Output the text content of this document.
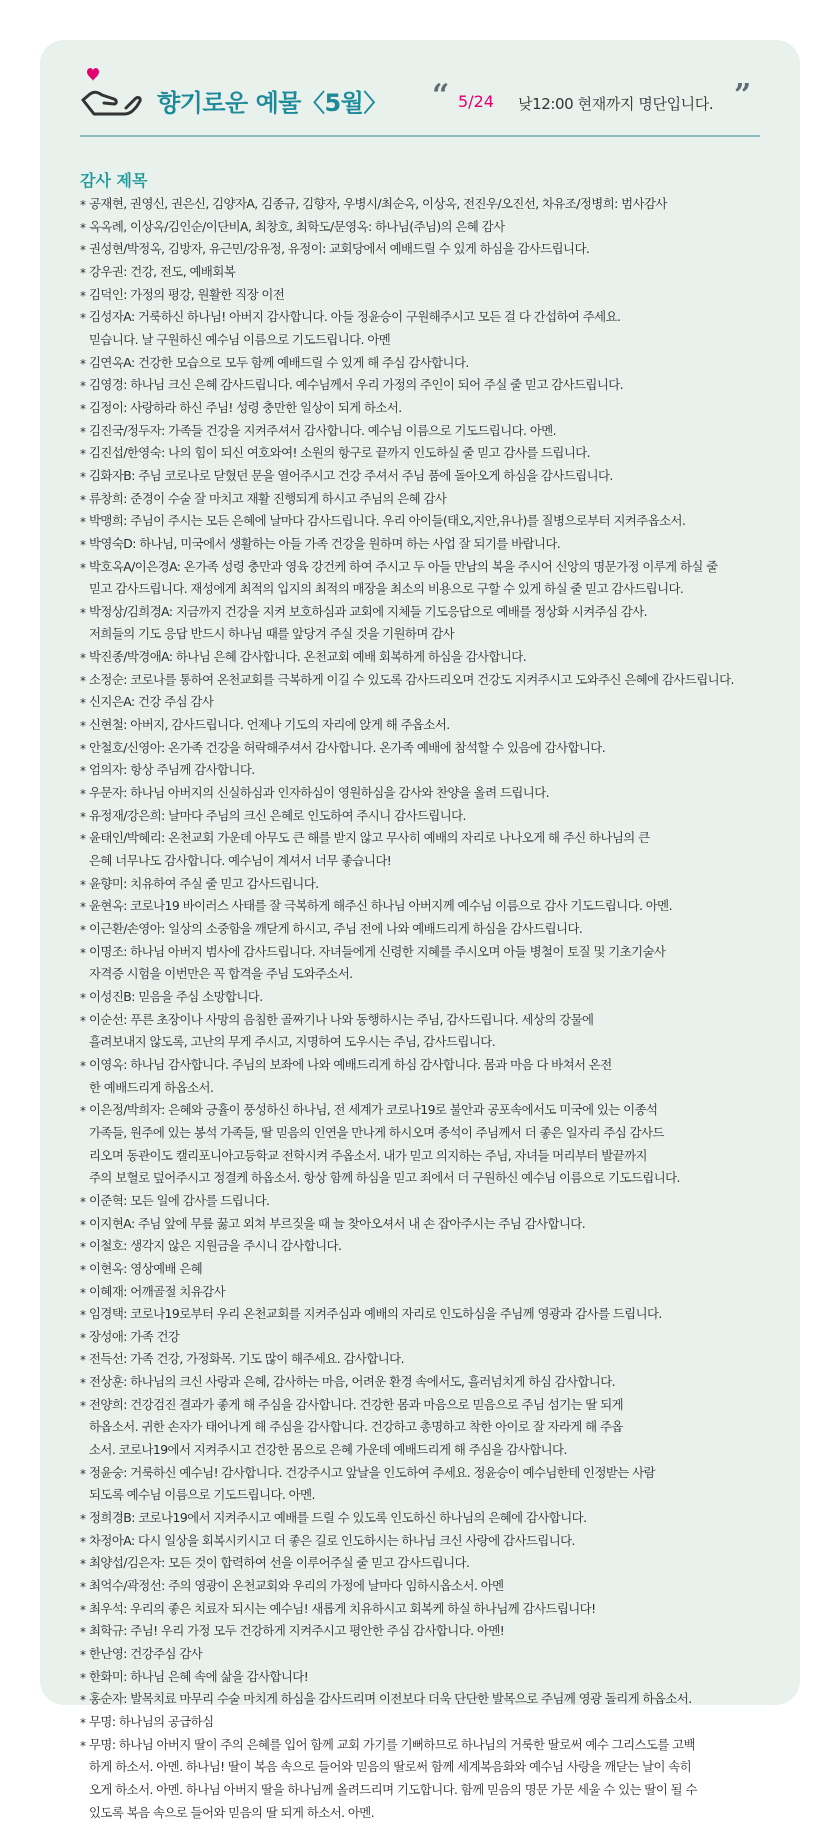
향기로운 예물〈5월〉 “ 5/24 낮12:00 현재까지 명단입니다. ”
감사 제목
* 공재현, 권영신, 권은신, 김양자A, 김종규, 김향자, 우병시/최순옥, 이상옥, 전진우/오진선, 차유조/정병희: 범사감사
* 옥옥례, 이상옥/김인순/이단비A, 최창호, 최학도/문영옥: 하나님(주님)의 은혜 감사
* 권성현/박정옥, 김방자, 유근민/강유정, 유정이: 교회당에서 예배드릴 수 있게 하심을 감사드립니다.
* 강우권: 건강, 전도, 예배회복
* 김덕인: 가정의 평강, 원활한 직장 이전
* 김성자A: 거룩하신 하나님! 아버지 감사합니다. 아들 정윤승이 구원해주시고 모든 걸 다 간섭하여 주세요.
믿습니다. 날 구원하신 예수님 이름으로 기도드립니다. 아멘
* 김연옥A: 건강한 모습으로 모두 함께 예배드릴 수 있게 해 주심 감사합니다.
* 김영경: 하나님 크신 은혜 감사드립니다. 예수님께서 우리 가정의 주인이 되어 주실 줄 믿고 감사드립니다.
* 김정이: 사랑하라 하신 주님! 성령 충만한 일상이 되게 하소서.
* 김진국/정두자: 가족들 건강을 지켜주셔서 감사합니다. 예수님 이름으로 기도드립니다. 아멘.
* 김진섭/한영숙: 나의 힘이 되신 여호와여! 소원의 항구로 끝까지 인도하실 줄 믿고 감사를 드립니다.
* 김화자B: 주님 코로나로 닫혔던 문을 열어주시고 건강 주셔서 주님 품에 돌아오게 하심을 감사드립니다.
* 류창희: 준경이 수술 잘 마치고 재활 진행되게 하시고 주님의 은혜 감사
* 박맹희: 주님이 주시는 모든 은혜에 날마다 감사드립니다. 우리 아이들(태오,지안,유나)를 질병으로부터 지켜주옵소서.
* 박영숙D: 하나님, 미국에서 생활하는 아들 가족 건강을 원하며 하는 사업 잘 되기를 바랍니다.
* 박호옥A/이은경A: 온가족 성령 충만과 영육 강건케 하여 주시고 두 아들 만남의 복을 주시어 신앙의 명문가정 이루게 하실 줄
믿고 감사드립니다. 재성에게 최적의 입지의 최적의 매장을 최소의 비용으로 구할 수 있게 하실 줄 믿고 감사드립니다.
* 박정상/김희경A: 지금까지 건강을 지켜 보호하심과 교회에 지체들 기도응답으로 예배를 정상화 시켜주심 감사.
저희들의 기도 응답 반드시 하나님 때를 앞당겨 주실 것을 기원하며 감사
* 박진종/박경애A: 하나님 은혜 감사합니다. 온천교회 예배 회복하게 하심을 감사합니다.
* 소정순: 코로나를 통하여 온천교회를 극복하게 이길 수 있도록 감사드리오며 건강도 지켜주시고 도와주신 은혜에 감사드립니다.
* 신지은A: 건강 주심 감사
* 신현철: 아버지, 감사드립니다. 언제나 기도의 자리에 앉게 해 주옵소서.
* 안철호/신영아: 온가족 건강을 허락해주셔서 감사합니다. 온가족 예배에 참석할 수 있음에 감사합니다.
* 엄의자: 항상 주님께 감사합니다.
* 우문자: 하나님 아버지의 신실하심과 인자하심이 영원하심을 감사와 찬양을 올려 드립니다.
* 유정재/강은희: 날마다 주님의 크신 은혜로 인도하여 주시니 감사드립니다.
* 윤태인/박혜리: 온천교회 가운데 아무도 큰 해를 받지 않고 무사히 예배의 자리로 나나오게 해 주신 하나님의 큰
은혜 너무나도 감사합니다. 예수님이 계셔서 너무 좋습니다!
* 윤향미: 치유하여 주실 줄 믿고 감사드립니다.
* 윤현옥: 코로나19 바이러스 사태를 잘 극복하게 해주신 하나님 아버지께 예수님 이름으로 감사 기도드립니다. 아멘.
* 이근환/손영아: 일상의 소중함을 깨닫게 하시고, 주님 전에 나와 예배드리게 하심을 감사드립니다.
* 이명조: 하나님 아버지 범사에 감사드립니다. 자녀들에게 신령한 지혜를 주시오며 아들 병철이 토질 및 기초기술사
자격증 시험을 이번만은 꼭 합격을 주님 도와주소서.
* 이성진B: 믿음을 주심 소망합니다.
* 이순선: 푸른 초장이나 사망의 음침한 골짜기나 나와 동행하시는 주님, 감사드립니다. 세상의 강물에
흘려보내지 않도록, 고난의 무게 주시고, 지명하여 도우시는 주님, 감사드립니다.
* 이영옥: 하나님 감사합니다. 주님의 보좌에 나와 예배드리게 하심 감사합니다. 몸과 마음 다 바쳐서 온전
한 예배드리게 하옵소서.
* 이은정/박희자: 은혜와 긍휼이 풍성하신 하나님, 전 세계가 코로나19로 불안과 공포속에서도 미국에 있는 이종석
가족들, 원주에 있는 봉석 가족들, 딸 믿음의 인연을 만나게 하시오며 종석이 주님께서 더 좋은 일자리 주심 감사드
리오며 동관이도 캘리포니아고등학교 전학시켜 주옵소서. 내가 믿고 의지하는 주님, 자녀들 머리부터 발끝까지
주의 보혈로 덮어주시고 정결케 하옵소서. 항상 함께 하심을 믿고 죄에서 더 구원하신 예수님 이름으로 기도드립니다.
* 이준혁: 모든 일에 감사를 드립니다.
* 이지현A: 주님 앞에 무릎 꿇고 외쳐 부르짖을 때 늘 찾아오셔서 내 손 잡아주시는 주님 감사합니다.
* 이철호: 생각지 않은 지원금을 주시니 감사합니다.
* 이현옥: 영상예배 은혜
* 이혜재: 어깨골절 치유감사
* 임경택: 코로나19로부터 우리 온천교회를 지켜주심과 예배의 자리로 인도하심을 주님께 영광과 감사를 드립니다.
* 장성애: 가족 건강
* 전득선: 가족 건강, 가정화목. 기도 많이 해주세요. 감사합니다.
* 전상훈: 하나님의 크신 사랑과 은혜, 감사하는 마음, 어려운 환경 속에서도, 흘러넘치게 하심 감사합니다.
* 전양희: 건강검진 결과가 좋게 해 주심을 감사합니다. 건강한 몸과 마음으로 믿음으로 주님 섬기는 딸 되게
하옵소서. 귀한 손자가 태어나게 해 주심을 감사합니다. 건강하고 총명하고 착한 아이로 잘 자라게 해 주옵
소서. 코로나19에서 지켜주시고 건강한 몸으로 은혜 가운데 예배드리게 해 주심을 감사합니다.
* 정윤숭: 거룩하신 예수님! 감사합니다. 건강주시고 앞날을 인도하여 주세요. 정윤승이 예수님한테 인정받는 사람
되도록 예수님 이름으로 기도드립니다. 아멘.
* 정희경B: 코로나19에서 지켜주시고 예배를 드릴 수 있도록 인도하신 하나님의 은혜에 감사합니다.
* 차정아A: 다시 일상을 회복시키시고 더 좋은 길로 인도하시는 하나님 크신 사랑에 감사드립니다.
* 최양섭/김은자: 모든 것이 합력하여 선을 이루어주실 줄 믿고 감사드립니다.
* 최억수/곽정선: 주의 영광이 온천교회와 우리의 가정에 날마다 임하시옵소서. 아멘
* 최우석: 우리의 좋은 치료자 되시는 예수님! 새롭게 치유하시고 회복케 하실 하나님께 감사드립니다!
* 최학규: 주님! 우리 가정 모두 건강하게 지켜주시고 평안한 주심 감사합니다. 아멘!
* 한난영: 건강주심 감사
* 한화미: 하나님 은혜 속에 삶을 감사합니다!
* 홍순자: 발목치료 마무리 수술 마치게 하심을 감사드리며 이전보다 더욱 단단한 발목으로 주님께 영광 돌리게 하옵소서.
* 무명: 하나님의 공급하심
* 무명: 하나님 아버지 딸이 주의 은혜를 입어 함께 교회 가기를 기뻐하므로 하나님의 거룩한 딸로써 예수 그리스도를 고백
하게 하소서. 아멘. 하나님! 딸이 복음 속으로 들어와 믿음의 딸로써 함께 세계복음화와 예수님 사랑을 깨닫는 날이 속히
오게 하소서. 아멘. 하나님 아버지 딸을 하나님께 올려드리며 기도합니다. 함께 믿음의 명문 가문 세울 수 있는 딸이 될 수
있도록 복음 속으로 들어와 믿음의 딸 되게 하소서. 아멘.
